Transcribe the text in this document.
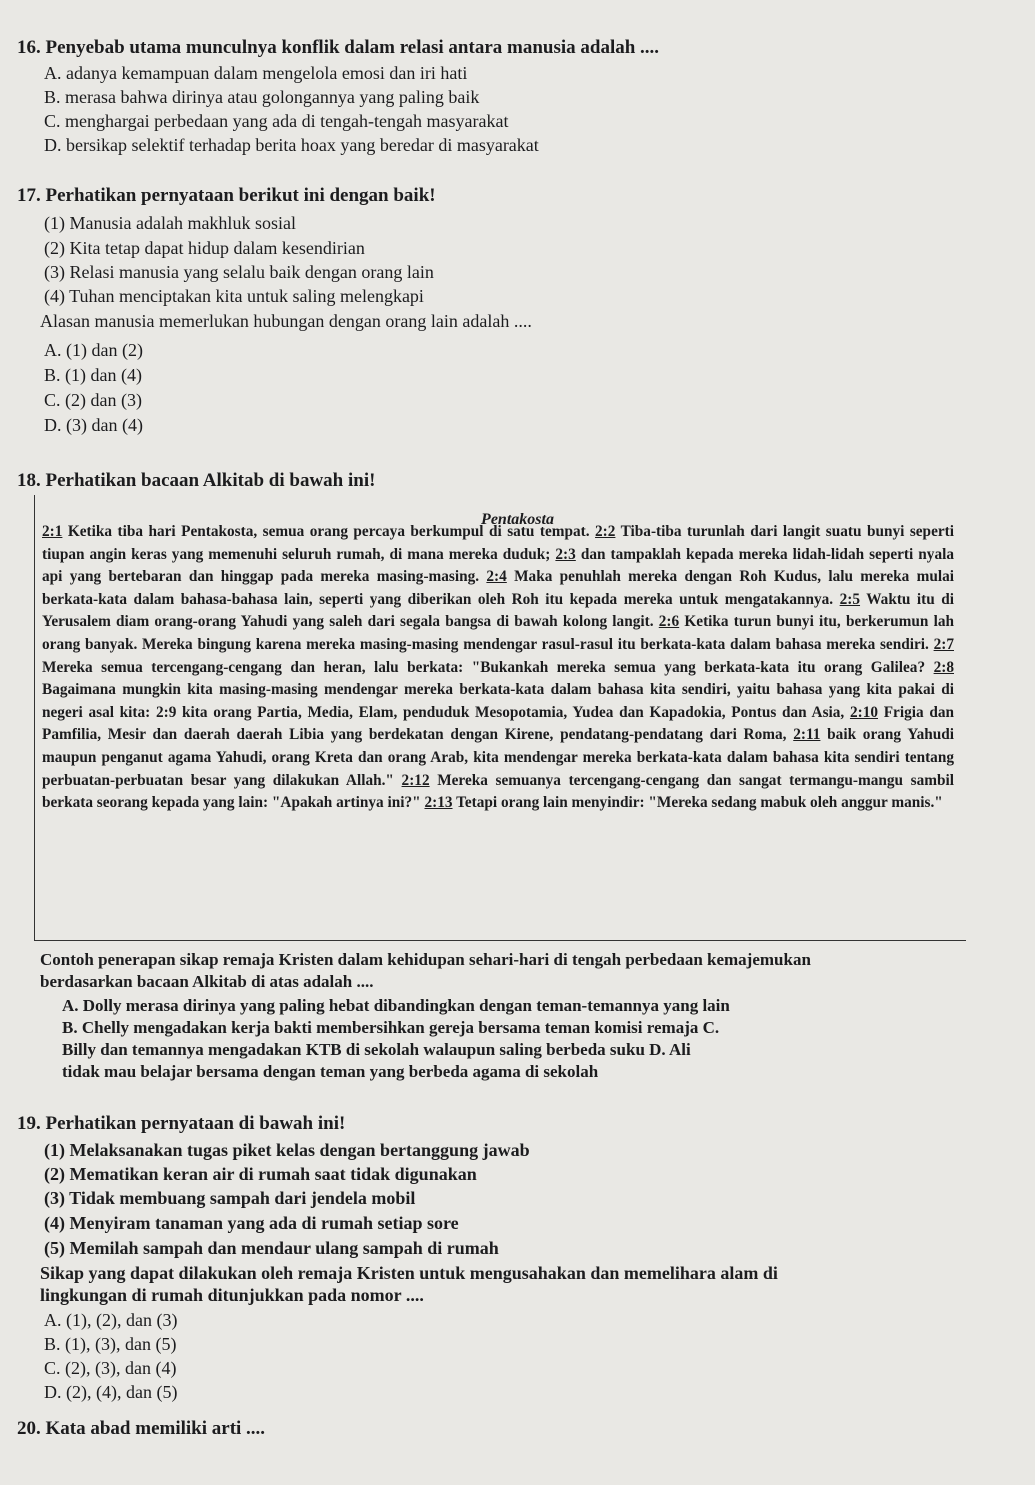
16. Penyebab utama munculnya konflik dalam relasi antara manusia adalah ....
A. adanya kemampuan dalam mengelola emosi dan iri hati
B. merasa bahwa dirinya atau golongannya yang paling baik
C. menghargai perbedaan yang ada di tengah-tengah masyarakat
D. bersikap selektif terhadap berita hoax yang beredar di masyarakat
17. Perhatikan pernyataan berikut ini dengan baik!
(1) Manusia adalah makhluk sosial
(2) Kita tetap dapat hidup dalam kesendirian
(3) Relasi manusia yang selalu baik dengan orang lain
(4) Tuhan menciptakan kita untuk saling melengkapi
Alasan manusia memerlukan hubungan dengan orang lain adalah ....
A. (1) dan (2)
B. (1) dan (4)
C. (2) dan (3)
D. (3) dan (4)
18. Perhatikan bacaan Alkitab di bawah ini!
Pentakosta
2:1 Ketika tiba hari Pentakosta, semua orang percaya berkumpul di satu tempat. 2:2 Tiba-tiba turunlah dari langit suatu bunyi seperti tiupan angin keras yang memenuhi seluruh rumah, di mana mereka duduk; 2:3 dan tampaklah kepada mereka lidah-lidah seperti nyala api yang bertebaran dan hinggap pada mereka masing-masing. 2:4 Maka penuhlah mereka dengan Roh Kudus, lalu mereka mulai berkata-kata dalam bahasa-bahasa lain, seperti yang diberikan oleh Roh itu kepada mereka untuk mengatakannya. 2:5 Waktu itu di Yerusalem diam orang-orang Yahudi yang saleh dari segala bangsa di bawah kolong langit. 2:6 Ketika turun bunyi itu, berkerumun lah orang banyak. Mereka bingung karena mereka masing-masing mendengar rasul-rasul itu berkata-kata dalam bahasa mereka sendiri. 2:7 Mereka semua tercengang-cengang dan heran, lalu berkata: "Bukankah mereka semua yang berkata-kata itu orang Galilea? 2:8 Bagaimana mungkin kita masing-masing mendengar mereka berkata-kata dalam bahasa kita sendiri, yaitu bahasa yang kita pakai di negeri asal kita: 2:9 kita orang Partia, Media, Elam, penduduk Mesopotamia, Yudea dan Kapadokia, Pontus dan Asia, 2:10 Frigia dan Pamfilia, Mesir dan daerah daerah Libia yang berdekatan dengan Kirene, pendatang-pendatang dari Roma, 2:11 baik orang Yahudi maupun penganut agama Yahudi, orang Kreta dan orang Arab, kita mendengar mereka berkata-kata dalam bahasa kita sendiri tentang perbuatan-perbuatan besar yang dilakukan Allah." 2:12 Mereka semuanya tercengang-cengang dan sangat termangu-mangu sambil berkata seorang kepada yang lain: "Apakah artinya ini?" 2:13 Tetapi orang lain menyindir: "Mereka sedang mabuk oleh anggur manis."
Contoh penerapan sikap remaja Kristen dalam kehidupan sehari-hari di tengah perbedaan kemajemukan
berdasarkan bacaan Alkitab di atas adalah ....
A. Dolly merasa dirinya yang paling hebat dibandingkan dengan teman-temannya yang lain
B. Chelly mengadakan kerja bakti membersihkan gereja bersama teman komisi remaja C.
Billy dan temannya mengadakan KTB di sekolah walaupun saling berbeda suku D. Ali
tidak mau belajar bersama dengan teman yang berbeda agama di sekolah
19. Perhatikan pernyataan di bawah ini!
(1) Melaksanakan tugas piket kelas dengan bertanggung jawab
(2) Mematikan keran air di rumah saat tidak digunakan
(3) Tidak membuang sampah dari jendela mobil
(4) Menyiram tanaman yang ada di rumah setiap sore
(5) Memilah sampah dan mendaur ulang sampah di rumah
Sikap yang dapat dilakukan oleh remaja Kristen untuk mengusahakan dan memelihara alam di
lingkungan di rumah ditunjukkan pada nomor ....
A. (1), (2), dan (3)
B. (1), (3), dan (5)
C. (2), (3), dan (4)
D. (2), (4), dan (5)
20. Kata abad memiliki arti ....
